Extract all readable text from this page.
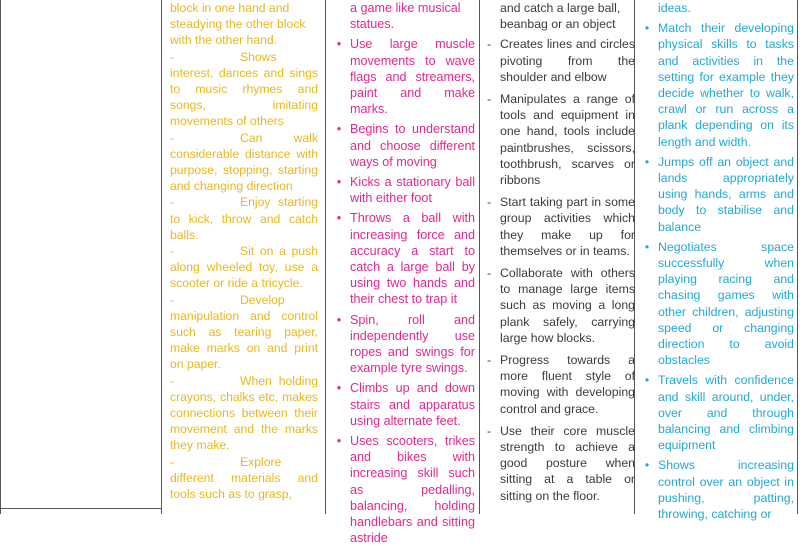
block in one hand and steadying the other block with the other hand.

-	Shows interest, dances and sings to music rhymes and songs, imitating movements of others

-	Can walk considerable distance with purpose, stopping, starting and changing direction

-	Enjoy starting to kick, throw and catch balls.

-	Sit on a push along wheeled toy, use a scooter or ride a tricycle.

-	Develop manipulation and control such as tearing paper, make marks on and print on paper.

-	When holding crayons, chalks etc, makes connections between their movement and the marks they make.

-	Explore different materials and tools such as to grasp,

a game like musical statues.

• Use large muscle movements to wave flags and streamers, paint and make marks.

• Begins to understand and choose different ways of moving

• Kicks a stationary ball with either foot

• Throws a ball with increasing force and accuracy a start to catch a large ball by using two hands and their chest to trap it

• Spin, roll and independently use ropes and swings for example tyre swings.

• Climbs up and down stairs and apparatus using alternate feet.

• Uses scooters, trikes and bikes with increasing skill such as pedalling, balancing, holding handlebars and sitting astride

and catch a large ball, beanbag or an object

- Creates lines and circles pivoting from the shoulder and elbow

- Manipulates a range of tools and equipment in one hand, tools include paintbrushes, scissors, toothbrush, scarves or ribbons

- Start taking part in some group activities which they make up for themselves or in teams.

- Collaborate with others to manage large items such as moving a long plank safely, carrying large how blocks.

- Progress towards a more fluent style of moving with developing control and grace.

- Use their core muscle strength to achieve a good posture when sitting at a table or sitting on the floor.

ideas.

• Match their developing physical skills to tasks and activities in the setting for example they decide whether to walk, crawl or run across a plank depending on its length and width.

• Jumps off an object and lands appropriately using hands, arms and body to stabilise and balance

• Negotiates space successfully when playing racing and chasing games with other children, adjusting speed or changing direction to avoid obstacles

• Travels with confidence and skill around, under, over and through balancing and climbing equipment

• Shows increasing control over an object in pushing, patting, throwing, catching or
